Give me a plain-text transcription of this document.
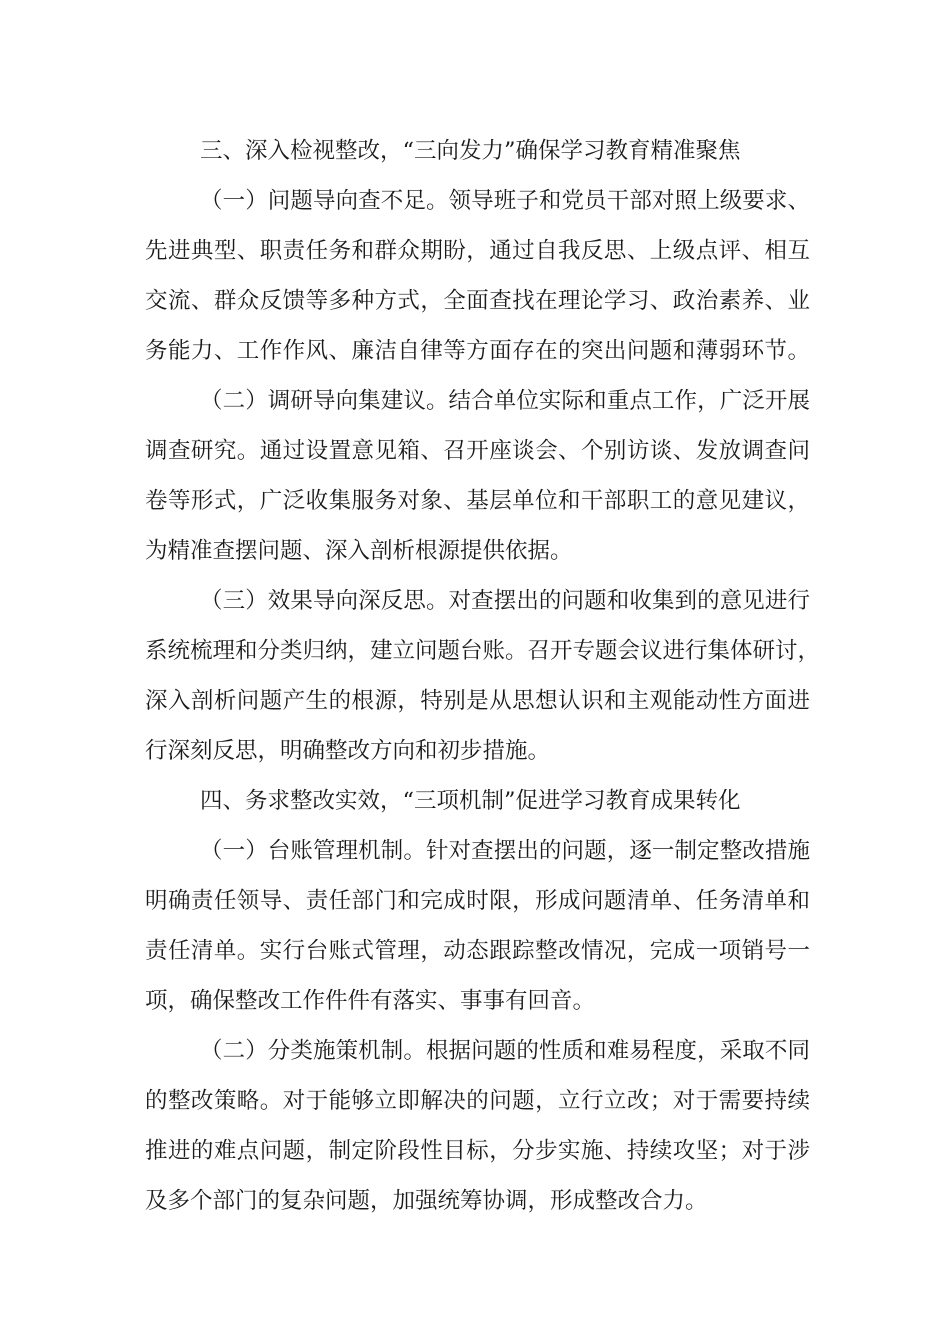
三、深入检视整改，“三向发力”确保学习教育精准聚焦
（一）问题导向查不足。领导班子和党员干部对照上级要求、
先进典型、职责任务和群众期盼，通过自我反思、上级点评、相互
交流、群众反馈等多种方式，全面查找在理论学习、政治素养、业
务能力、工作作风、廉洁自律等方面存在的突出问题和薄弱环节。
（二）调研导向集建议。结合单位实际和重点工作，广泛开展
调查研究。通过设置意见箱、召开座谈会、个别访谈、发放调查问
卷等形式，广泛收集服务对象、基层单位和干部职工的意见建议，
为精准查摆问题、深入剖析根源提供依据。
（三）效果导向深反思。对查摆出的问题和收集到的意见进行
系统梳理和分类归纳，建立问题台账。召开专题会议进行集体研讨，
深入剖析问题产生的根源，特别是从思想认识和主观能动性方面进
行深刻反思，明确整改方向和初步措施。
四、务求整改实效，“三项机制”促进学习教育成果转化
（一）台账管理机制。针对查摆出的问题，逐一制定整改措施
明确责任领导、责任部门和完成时限，形成问题清单、任务清单和
责任清单。实行台账式管理，动态跟踪整改情况，完成一项销号一
项，确保整改工作件件有落实、事事有回音。
（二）分类施策机制。根据问题的性质和难易程度，采取不同
的整改策略。对于能够立即解决的问题，立行立改；对于需要持续
推进的难点问题，制定阶段性目标，分步实施、持续攻坚；对于涉
及多个部门的复杂问题，加强统筹协调，形成整改合力。
